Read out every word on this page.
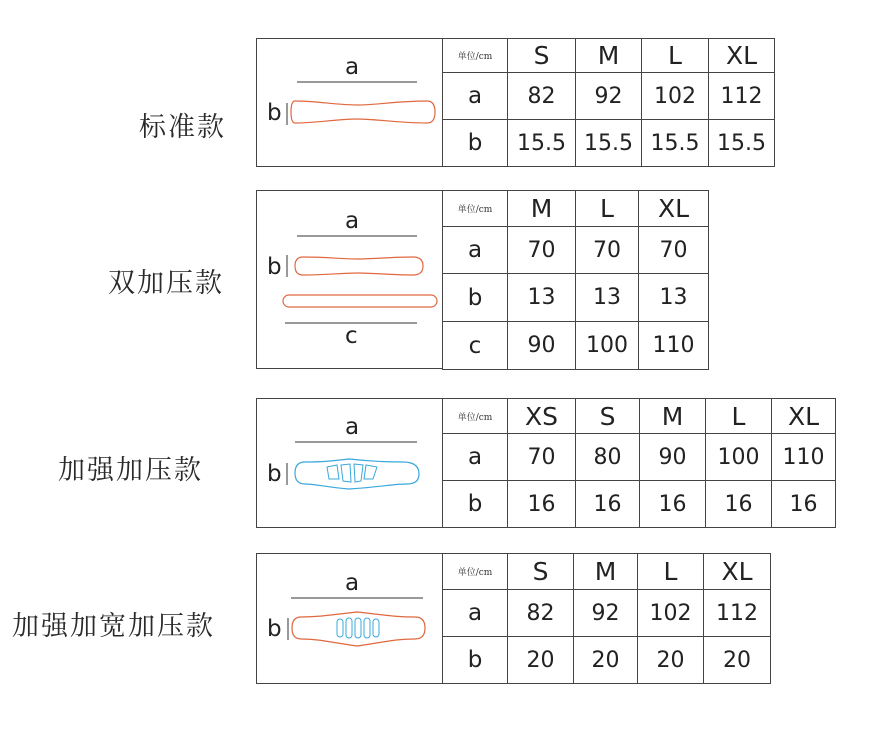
标准款
a
b
单位/cm	S	M	L	XL
a	82	92	102	112
b	15.5	15.5	15.5	15.5
双加压款
a
b
c
单位/cm	M	L	XL
a	70	70	70
b	13	13	13
c	90	100	110
加强加压款
a
b
单位/cm	XS	S	M	L	XL
a	70	80	90	100	110
b	16	16	16	16	16
加强加宽加压款
a
b
单位/cm	S	M	L	XL
a	82	92	102	112
b	20	20	20	20
